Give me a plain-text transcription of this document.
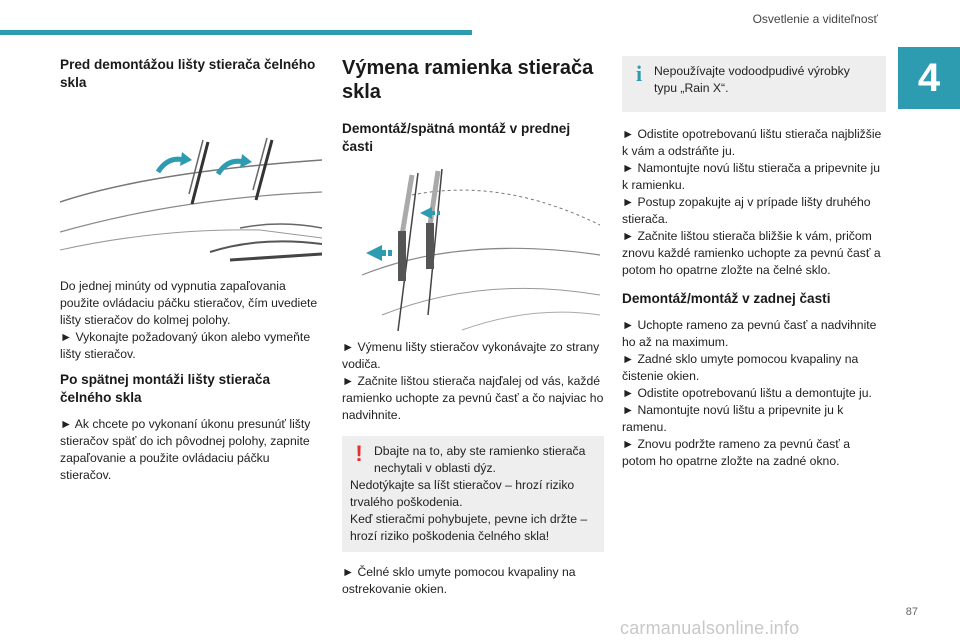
Osvetlenie a viditeľnosť
4
Pred demontážou lišty stierača čelného skla

Do jednej minúty od vypnutia zapaľovania použite ovládaciu páčku stieračov, čím uvediete lišty stieračov do kolmej polohy.

► Vykonajte požadovaný úkon alebo vymeňte lišty stieračov.

Po spätnej montáži lišty stierača čelného skla

► Ak chcete po vykonaní úkonu presunúť lišty stieračov späť do ich pôvodnej polohy, zapnite zapaľovanie a použite ovládaciu páčku stieračov.

Výmena ramienka stierača skla
Demontáž/spätná montáž v prednej časti

► Výmenu lišty stieračov vykonávajte zo strany vodiča.

► Začnite lištou stierača najďalej od vás, každé ramienko uchopte za pevnú časť a čo najviac ho nadvihnite.

! Dbajte na to, aby ste ramienko stierača nechytali v oblasti dýz.

Nedotýkajte sa líšt stieračov – hrozí riziko trvalého poškodenia.

Keď stieračmi pohybujete, pevne ich držte – hrozí riziko poškodenia čelného skla!

► Čelné sklo umyte pomocou kvapaliny na ostrekovanie okien.

i Nepoužívajte vodoodpudivé výrobky typu „Rain X“.

► Odistite opotrebovanú lištu stierača najbližšie k vám a odstráňte ju.

► Namontujte novú lištu stierača a pripevnite ju k ramienku.

► Postup zopakujte aj v prípade lišty druhého stierača.

► Začnite lištou stierača bližšie k vám, pričom znovu každé ramienko uchopte za pevnú časť a potom ho opatrne zložte na čelné sklo.

Demontáž/montáž v zadnej časti

► Uchopte rameno za pevnú časť a nadvihnite ho až na maximum.

► Zadné sklo umyte pomocou kvapaliny na čistenie okien.

► Odistite opotrebovanú lištu a demontujte ju.

► Namontujte novú lištu a pripevnite ju k ramenu.

► Znovu podržte rameno za pevnú časť a potom ho opatrne zložte na zadné okno.

87
carmanualsonline.info
